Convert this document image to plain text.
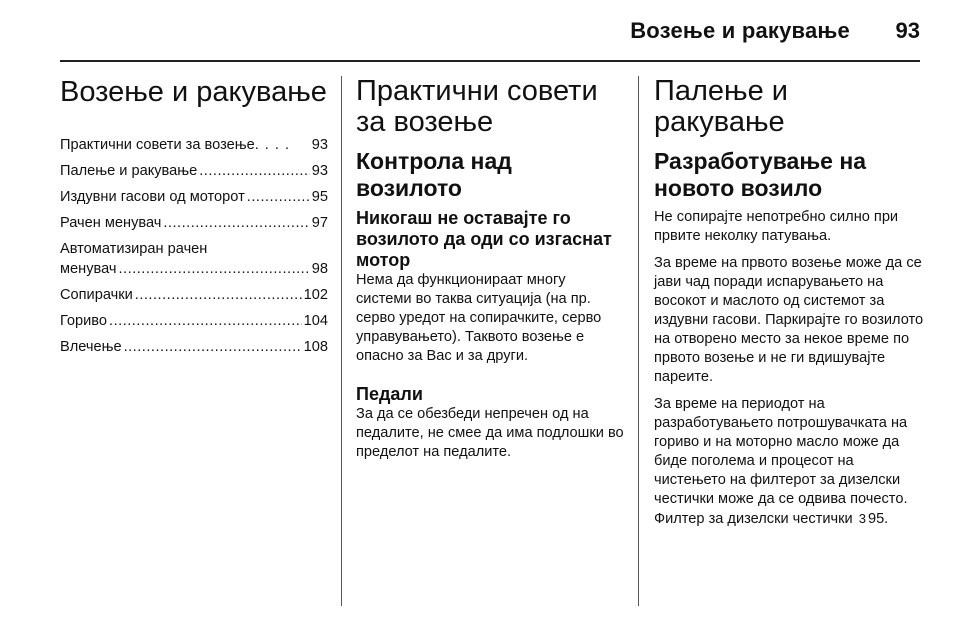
Возење и ракување	93
Возење и ракување
Практични совети за возење . . . . 93
Палење и ракување .....	93
Издувни гасови од моторот .....	95
Рачен менувач .....	97
Автоматизиран рачен
менувач .....	98
Сопирачки .....	102
Гориво .....	104
Влечење .....	108
Практични совети за возење
Контрола над возилото
Никогаш не оставајте го возилото да оди со изгаснат мотор

Нема да функционираат многу системи во таква ситуација (на пр. серво уредот на сопирачките, серво управувањето). Таквото возење е опасно за Вас и за други.

Педали

За да се обезбеди непречен од на педалите, не смее да има подлошки во пределот на педалите.

Палење и ракување
Разработување на новото возило

Не сопирајте непотребно силно при првите неколку патувања.

За време на првото возење може да се јави чад поради испарувањето на восокот и маслото од системот за издувни гасови. Паркирајте го возилото на отворено место за некое време по првото возење и не ги вдишувајте пареите.

За време на периодот на разработувањето потрошувачката на гориво и на моторно масло може да биде поголема и процесот на чистењето на филтерот за дизелски честички може да се одвива почесто. Филтер за дизелски честички 3 95.
